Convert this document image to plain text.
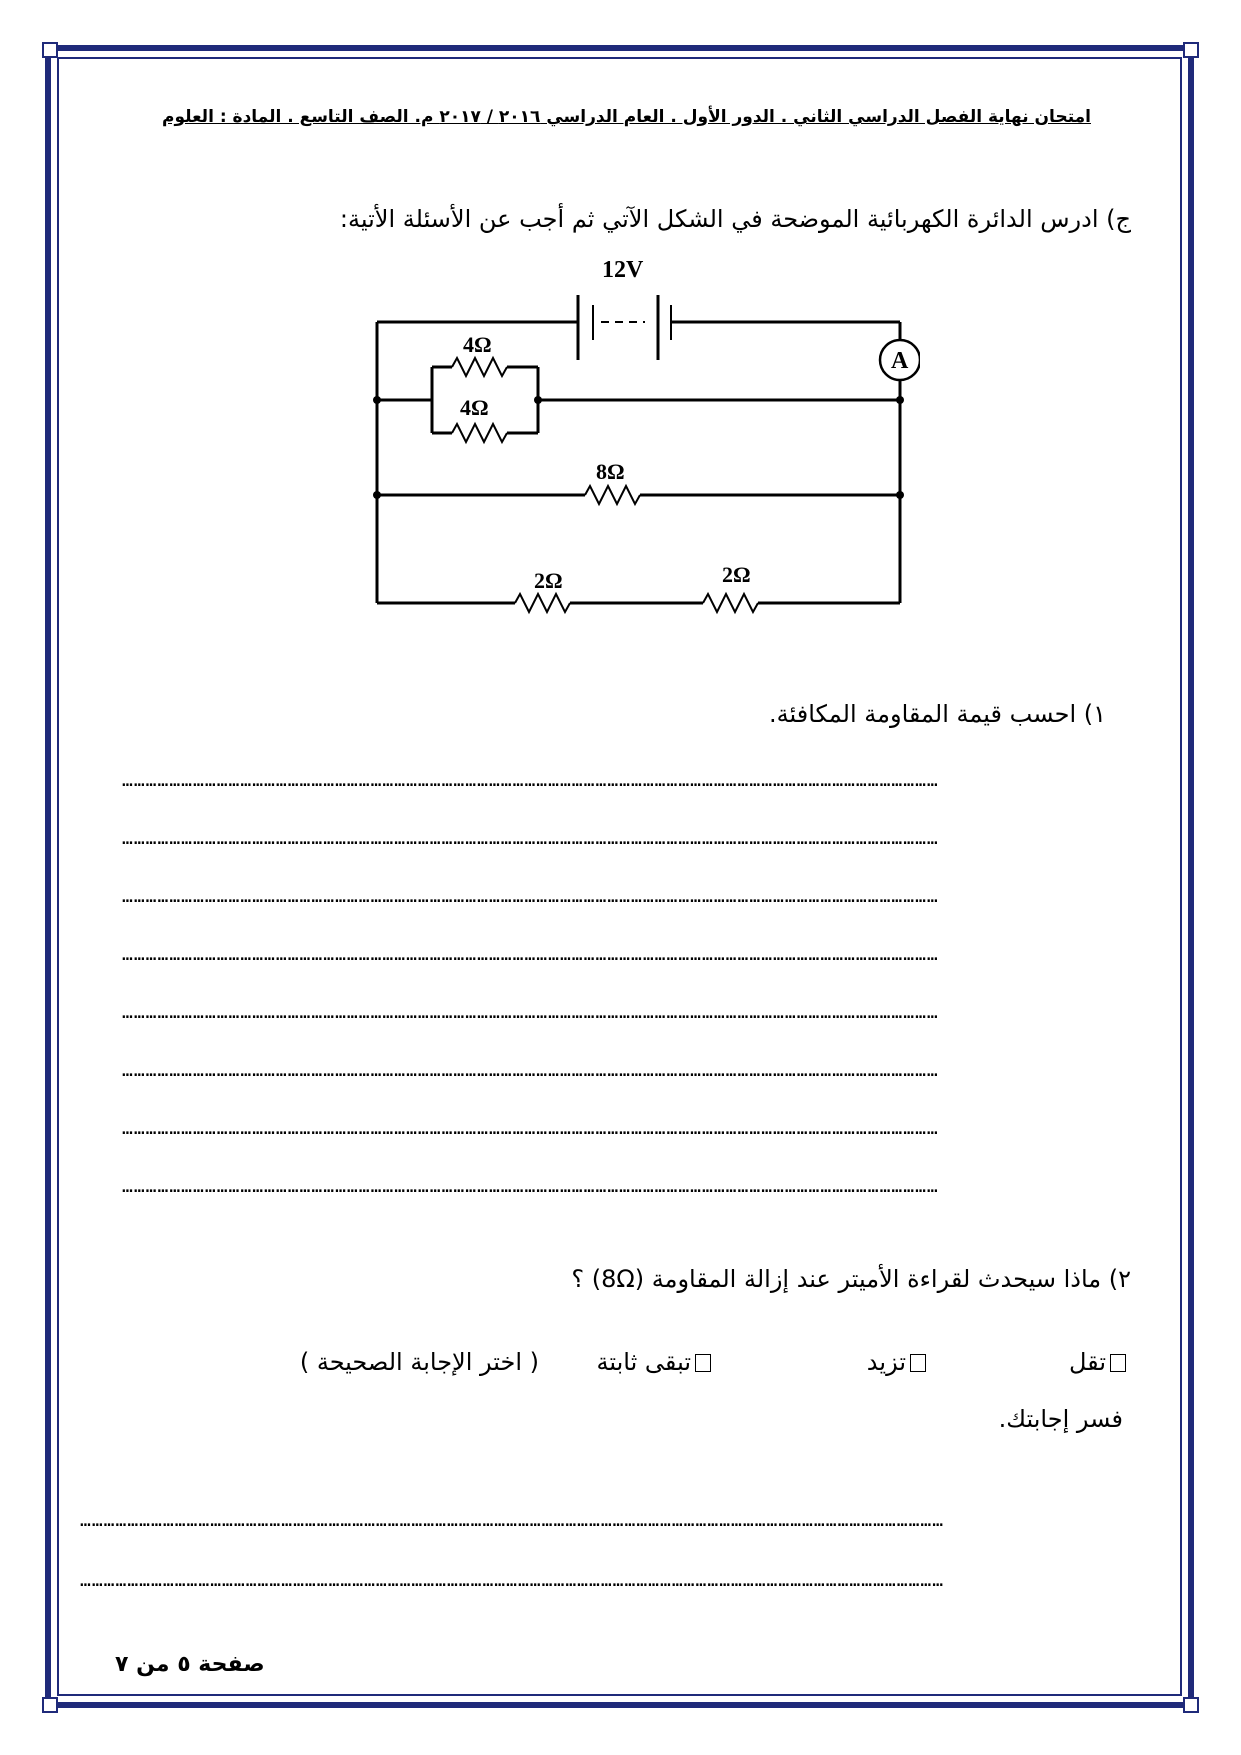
امتحان نهاية الفصل الدراسي الثاني . الدور الأول . العام الدراسي ٢٠١٦ / ٢٠١٧ م. الصف التاسع . المادة : العلوم
ج) ادرس الدائرة الكهربائية الموضحة في الشكل الآتي ثم أجب عن الأسئلة الأتية:
12V
A
4Ω
4Ω
8Ω
2Ω	2Ω
١) احسب قيمة المقاومة المكافئة.
………………………………………………………………………………………………………………………………………………………………………………………
………………………………………………………………………………………………………………………………………………………………………………………
………………………………………………………………………………………………………………………………………………………………………………………
………………………………………………………………………………………………………………………………………………………………………………………
………………………………………………………………………………………………………………………………………………………………………………………
………………………………………………………………………………………………………………………………………………………………………………………
………………………………………………………………………………………………………………………………………………………………………………………
………………………………………………………………………………………………………………………………………………………………………………………
٢) ماذا سيحدث لقراءة الأميتر عند إزالة المقاومة (8Ω) ؟
تقل
تزيد
تبقى ثابتة
( اختر الإجابة الصحيحة )
فسر إجابتك.
…………………………………………………………………………………………………………………………………………………………………………………………………
…………………………………………………………………………………………………………………………………………………………………………………………………
صفحة ٥ من ٧
